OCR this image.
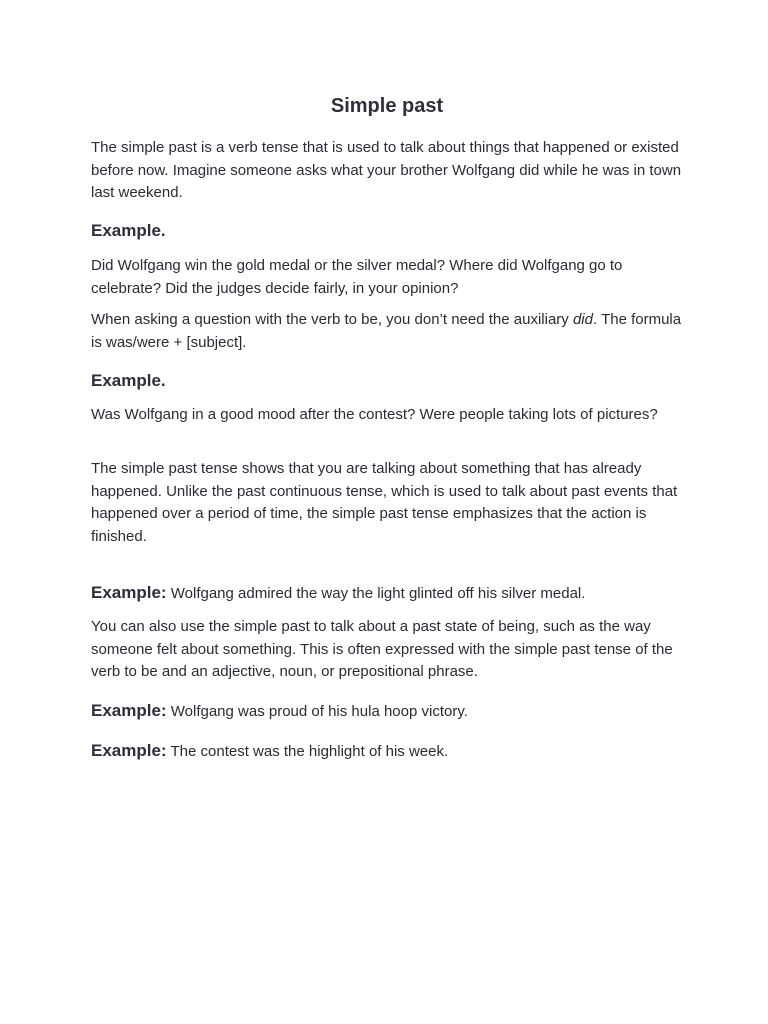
Simple past

The simple past is a verb tense that is used to talk about things that happened or existed before now. Imagine someone asks what your brother Wolfgang did while he was in town last weekend.

Example.

Did Wolfgang win the gold medal or the silver medal? Where did Wolfgang go to celebrate? Did the judges decide fairly, in your opinion?

When asking a question with the verb to be, you don’t need the auxiliary did. The formula is was/were + [subject].

Example.

Was Wolfgang in a good mood after the contest? Were people taking lots of pictures?

The simple past tense shows that you are talking about something that has already happened. Unlike the past continuous tense, which is used to talk about past events that happened over a period of time, the simple past tense emphasizes that the action is finished.

Example: Wolfgang admired the way the light glinted off his silver medal.

You can also use the simple past to talk about a past state of being, such as the way someone felt about something. This is often expressed with the simple past tense of the verb to be and an adjective, noun, or prepositional phrase.

Example: Wolfgang was proud of his hula hoop victory.

Example: The contest was the highlight of his week.
